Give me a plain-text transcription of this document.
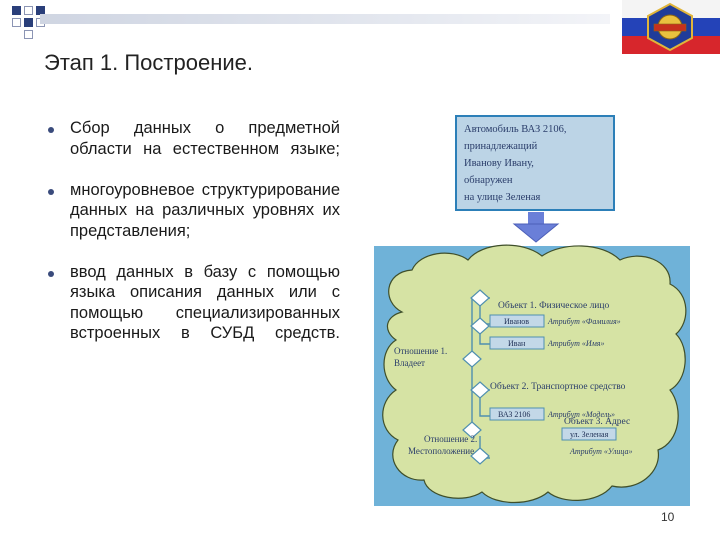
Этап 1. Построение.
Сбор данных о предметной области на естественном языке;
многоуровневое структурирование данных на различных уровнях их представления;
ввод данных в базу с помощью языка описания данных или с помощью специализированных встроенных в СУБД средств.
Автомобиль ВАЗ 2106, принадлежащий Иванову Ивану, обнаружен на улице Зеленая
Объект 1. Физическое лицо
Объект 2. Транспортное средство
Объект 3. Адрес
Отношение 1. Владеет
Отношение 2. Местоположение
Иванов
Иван
ВАЗ 2106
ул. Зеленая
Атрибут «Фамилия»
Атрибут «Имя»
Атрибут «Модель»
Атрибут «Улица»
10
